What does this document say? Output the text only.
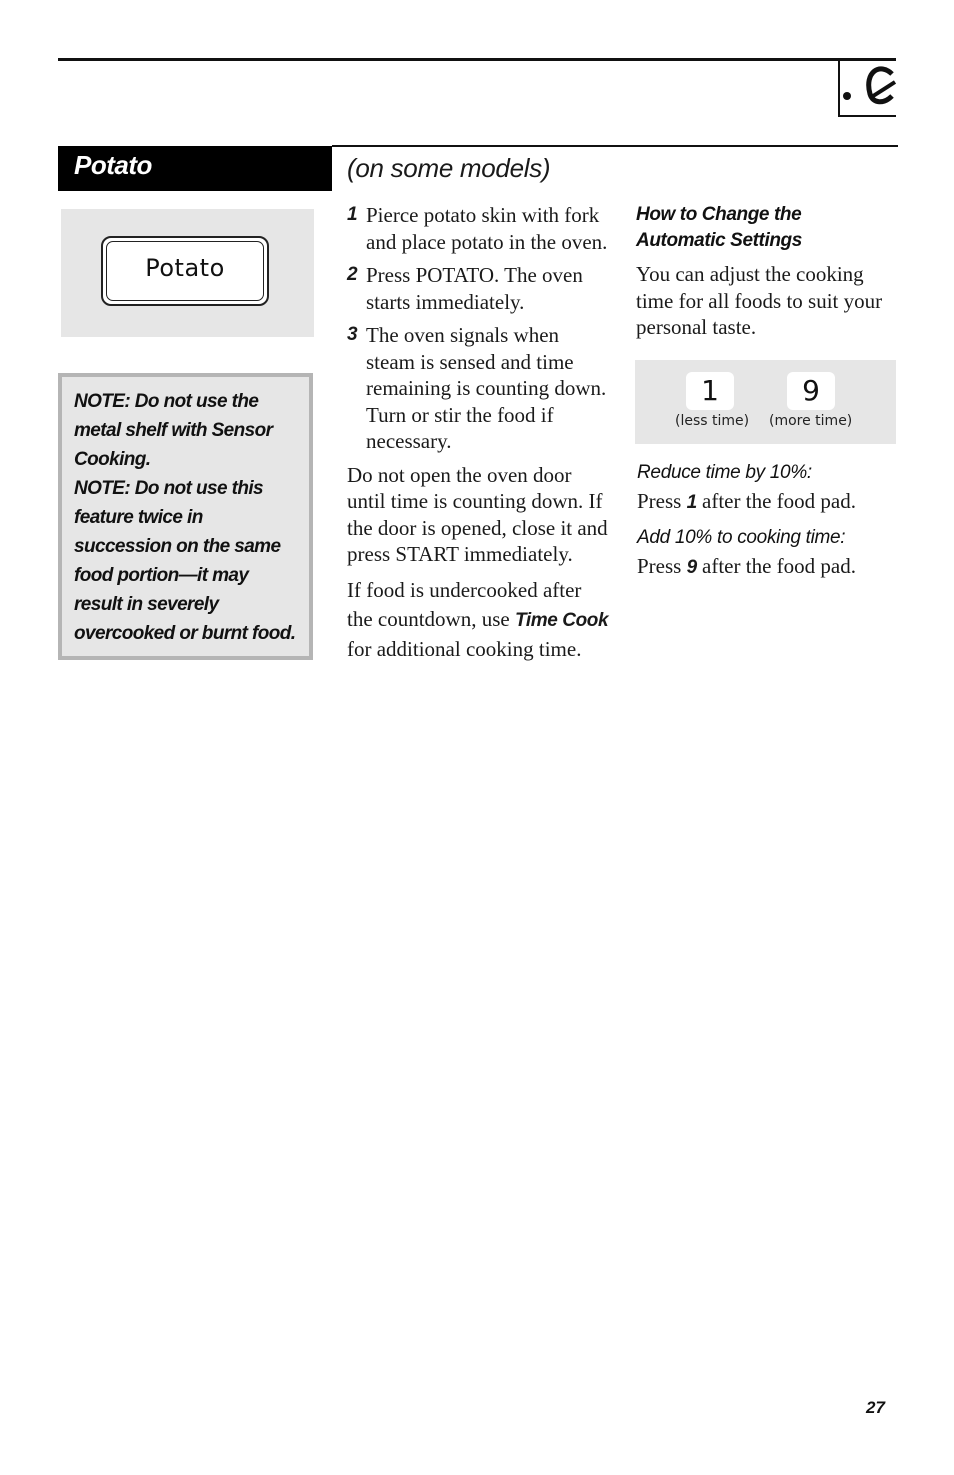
Potato	(on some models)
Potato
NOTE: Do not use the metal shelf with Sensor Cooking.
NOTE: Do not use this feature twice in succession on the same food portion—it may result in severely overcooked or burnt food.
1 Pierce potato skin with fork and place potato in the oven.
2 Press POTATO. The oven starts immediately.
3 The oven signals when steam is sensed and time remaining is counting down. Turn or stir the food if necessary.
Do not open the oven door until time is counting down. If the door is opened, close it and press START immediately.
If food is undercooked after the countdown, use Time Cook for additional cooking time.
How to Change the
Automatic Settings
You can adjust the cooking time for all foods to suit your personal taste.
1
(less time)
9
(more time)
Reduce time by 10%:
Press 1 after the food pad.
Add 10% to cooking time:
Press 9 after the food pad.
27
